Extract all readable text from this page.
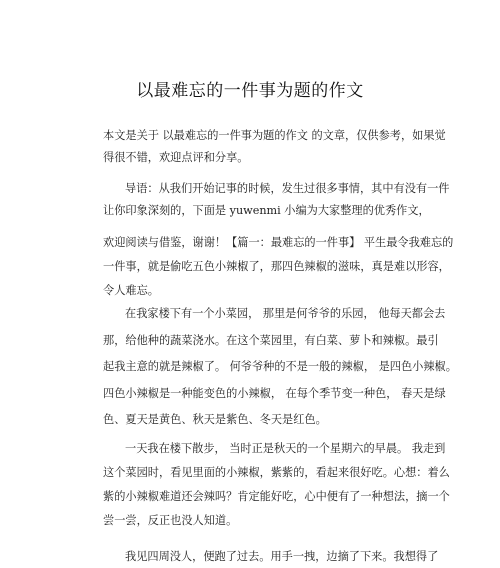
以最难忘的一件事为题的作文
本文是关于 以最难忘的一件事为题的作文 的文章，仅供参考，如果觉
得很不错，欢迎点评和分享。
导语：从我们开始记事的时候，发生过很多事情，其中有没有一件
让你印象深刻的，下面是 yuwenmi 小编为大家整理的优秀作文，
欢迎阅读与借鉴，谢谢！【篇一：最难忘的一件事】 平生最令我难忘的
一件事，就是偷吃五色小辣椒了，那四色辣椒的滋味，真是难以形容，
令人难忘。
在我家楼下有一个小菜园， 那里是何爷爷的乐园， 他每天都会去
那，给他种的蔬菜浇水。在这个菜园里，有白菜、萝卜和辣椒。最引
起我主意的就是辣椒了。 何爷爷种的不是一般的辣椒， 是四色小辣椒。
四色小辣椒是一种能变色的小辣椒， 在每个季节变一种色， 春天是绿
色、夏天是黄色、秋天是紫色、冬天是红色。
一天我在楼下散步， 当时正是秋天的一个星期六的早晨。 我走到
这个菜园时，看见里面的小辣椒，紫紫的，看起来很好吃。心想：着么
紫的小辣椒难道还会辣吗？肯定能好吃，心中便有了一种想法，摘一个
尝一尝，反正也没人知道。
我见四周没人，便跑了过去。用手一拽，边摘了下来。我想得了
